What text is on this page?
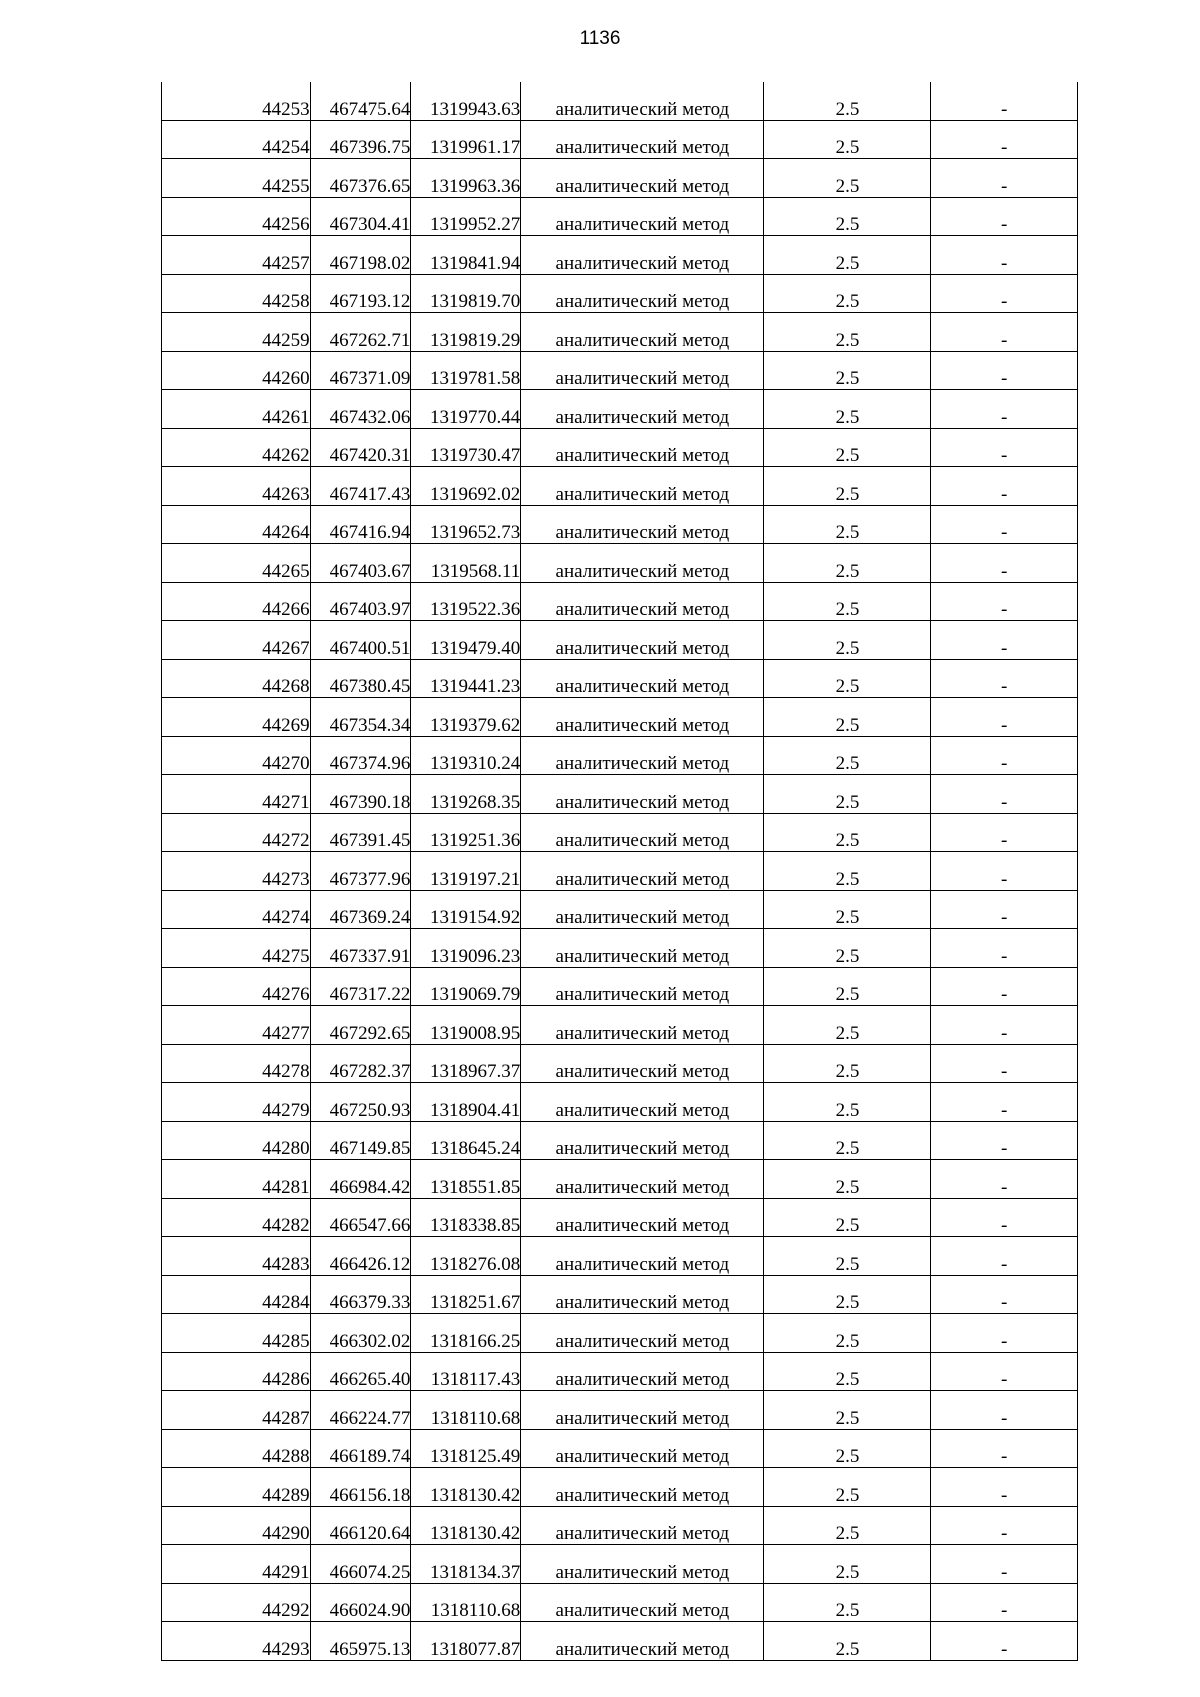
1136
44253	467475.64	1319943.63	аналитический метод	2.5	-
44254	467396.75	1319961.17	аналитический метод	2.5	-
44255	467376.65	1319963.36	аналитический метод	2.5	-
44256	467304.41	1319952.27	аналитический метод	2.5	-
44257	467198.02	1319841.94	аналитический метод	2.5	-
44258	467193.12	1319819.70	аналитический метод	2.5	-
44259	467262.71	1319819.29	аналитический метод	2.5	-
44260	467371.09	1319781.58	аналитический метод	2.5	-
44261	467432.06	1319770.44	аналитический метод	2.5	-
44262	467420.31	1319730.47	аналитический метод	2.5	-
44263	467417.43	1319692.02	аналитический метод	2.5	-
44264	467416.94	1319652.73	аналитический метод	2.5	-
44265	467403.67	1319568.11	аналитический метод	2.5	-
44266	467403.97	1319522.36	аналитический метод	2.5	-
44267	467400.51	1319479.40	аналитический метод	2.5	-
44268	467380.45	1319441.23	аналитический метод	2.5	-
44269	467354.34	1319379.62	аналитический метод	2.5	-
44270	467374.96	1319310.24	аналитический метод	2.5	-
44271	467390.18	1319268.35	аналитический метод	2.5	-
44272	467391.45	1319251.36	аналитический метод	2.5	-
44273	467377.96	1319197.21	аналитический метод	2.5	-
44274	467369.24	1319154.92	аналитический метод	2.5	-
44275	467337.91	1319096.23	аналитический метод	2.5	-
44276	467317.22	1319069.79	аналитический метод	2.5	-
44277	467292.65	1319008.95	аналитический метод	2.5	-
44278	467282.37	1318967.37	аналитический метод	2.5	-
44279	467250.93	1318904.41	аналитический метод	2.5	-
44280	467149.85	1318645.24	аналитический метод	2.5	-
44281	466984.42	1318551.85	аналитический метод	2.5	-
44282	466547.66	1318338.85	аналитический метод	2.5	-
44283	466426.12	1318276.08	аналитический метод	2.5	-
44284	466379.33	1318251.67	аналитический метод	2.5	-
44285	466302.02	1318166.25	аналитический метод	2.5	-
44286	466265.40	1318117.43	аналитический метод	2.5	-
44287	466224.77	1318110.68	аналитический метод	2.5	-
44288	466189.74	1318125.49	аналитический метод	2.5	-
44289	466156.18	1318130.42	аналитический метод	2.5	-
44290	466120.64	1318130.42	аналитический метод	2.5	-
44291	466074.25	1318134.37	аналитический метод	2.5	-
44292	466024.90	1318110.68	аналитический метод	2.5	-
44293	465975.13	1318077.87	аналитический метод	2.5	-
